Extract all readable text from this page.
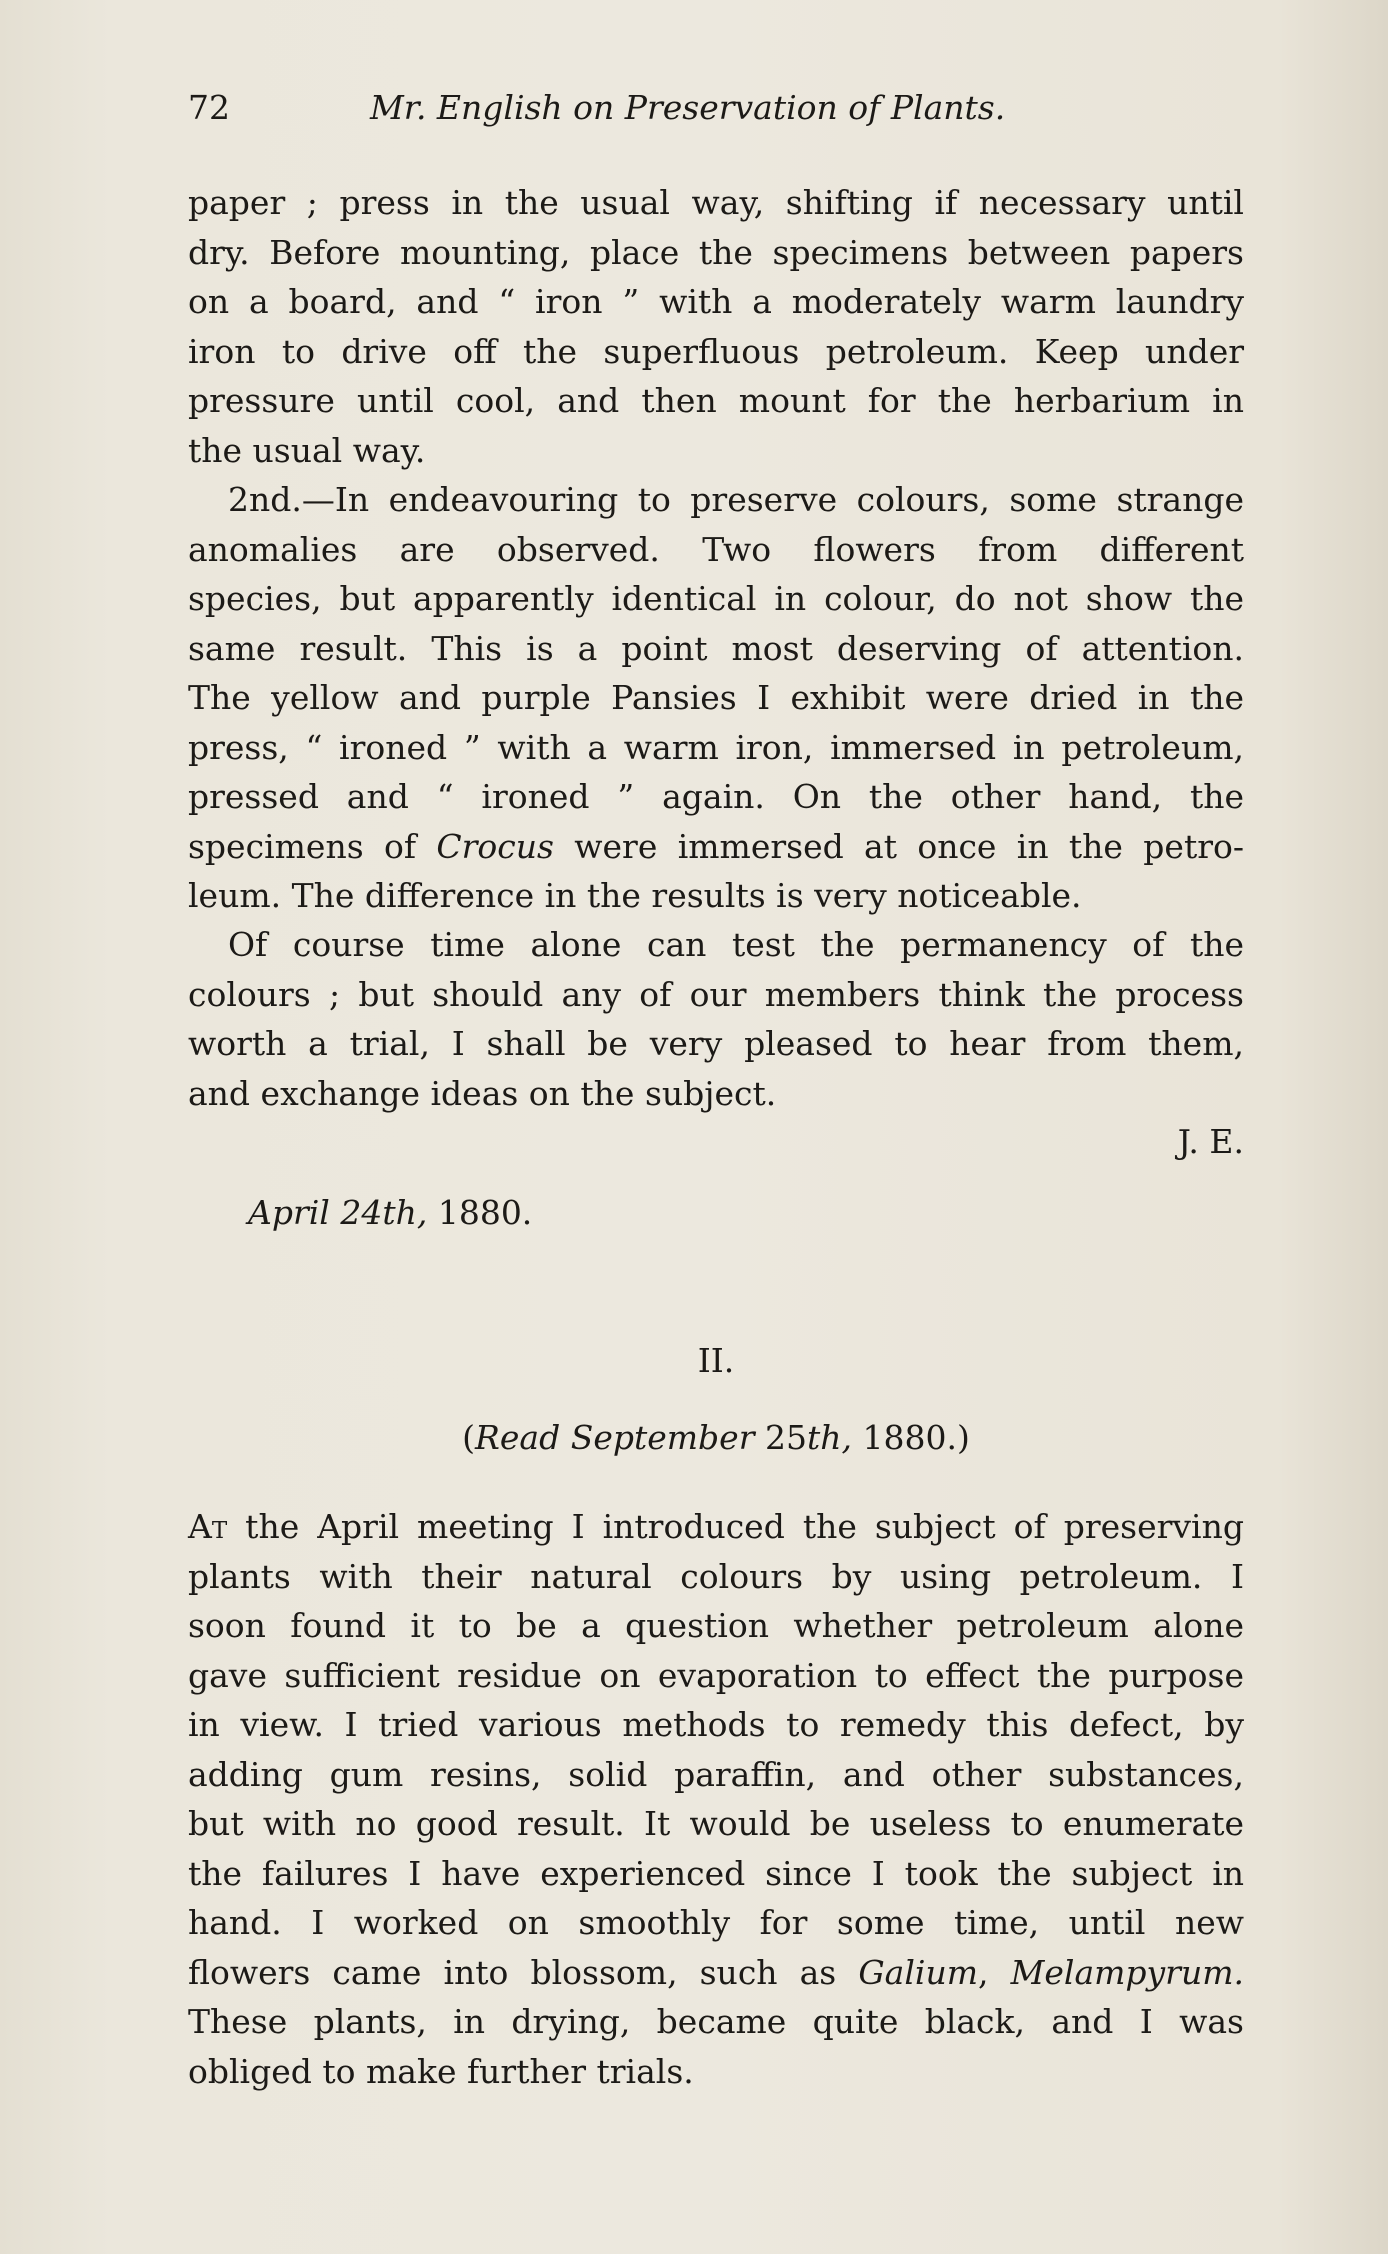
72	Mr. English on Preservation of Plants.
paper ; press in the usual way, shifting if necessary until
dry. Before mounting, place the specimens between papers
on a board, and “ iron ” with a moderately warm laundry
iron to drive off the superfluous petroleum. Keep under
pressure until cool, and then mount for the herbarium in
the usual way.
2nd.—In endeavouring to preserve colours, some strange
anomalies are observed. Two flowers from different
species, but apparently identical in colour, do not show the
same result. This is a point most deserving of attention.
The yellow and purple Pansies I exhibit were dried in the
press, “ ironed ” with a warm iron, immersed in petroleum,
pressed and “ ironed ” again. On the other hand, the
specimens of Crocus were immersed at once in the petro-
leum. The difference in the results is very noticeable.
Of course time alone can test the permanency of the
colours ; but should any of our members think the process
worth a trial, I shall be very pleased to hear from them,
and exchange ideas on the subject.
J. E.
April 24th, 1880.
II.
(Read September 25th, 1880.)
At the April meeting I introduced the subject of preserving
plants with their natural colours by using petroleum. I
soon found it to be a question whether petroleum alone
gave sufficient residue on evaporation to effect the purpose
in view. I tried various methods to remedy this defect, by
adding gum resins, solid paraffin, and other substances,
but with no good result. It would be useless to enumerate
the failures I have experienced since I took the subject in
hand. I worked on smoothly for some time, until new
flowers came into blossom, such as Galium, Melampyrum.
These plants, in drying, became quite black, and I was
obliged to make further trials.
